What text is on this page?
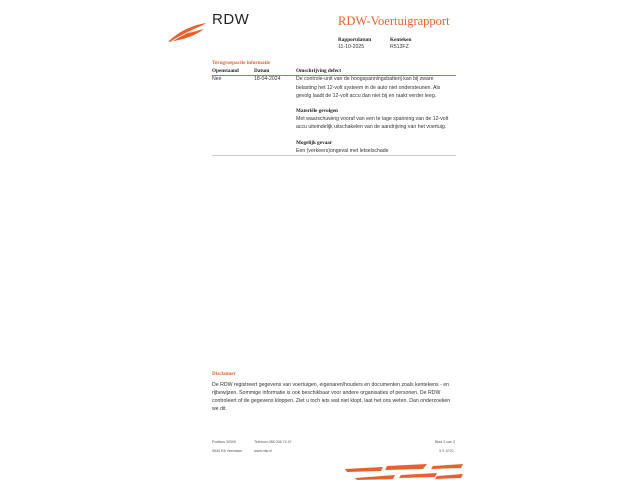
RDW	RDW-Voertuigrapport
Rapportdatum
11-10-2025
Kenteken
R513FZ
Terugroepactie informatie
Openstaand	Datum	Omschrijving defect
Nee	18-04-2024	De controle-unit van de hoogspanningsbatterij kan bij zware
belasting het 12-volt systeem in de auto niet ondersteunen. Als
gevolg laadt de 12-volt accu dan niet bij en raakt verder leeg.
Materiële gevolgen
Met waarschuwing vooraf van een te lage spanning van de 12-volt
accu uiteindelijk uitschakelen van de aandrijving van het voertuig.
Mogelijk gevaar
Een (verkeers)ongeval met letselschade
Disclaimer
De RDW registreert gegevens van voertuigen, eigenaren/houders en documenten zoals kentekens - en
rijbewijzen. Sommige informatie is ook beschikbaar voor andere organisaties of personen. De RDW
controleert of de gegevens kloppen. Ziet u toch iets wat niet klopt, laat het ons weten. Dan onderzoeken
we dit.
Postbus 30000
9640 RA Veendam
Telefoon 088 008 74 47
www.rdw.nl
Blad 3 van 3
3 S 1070
